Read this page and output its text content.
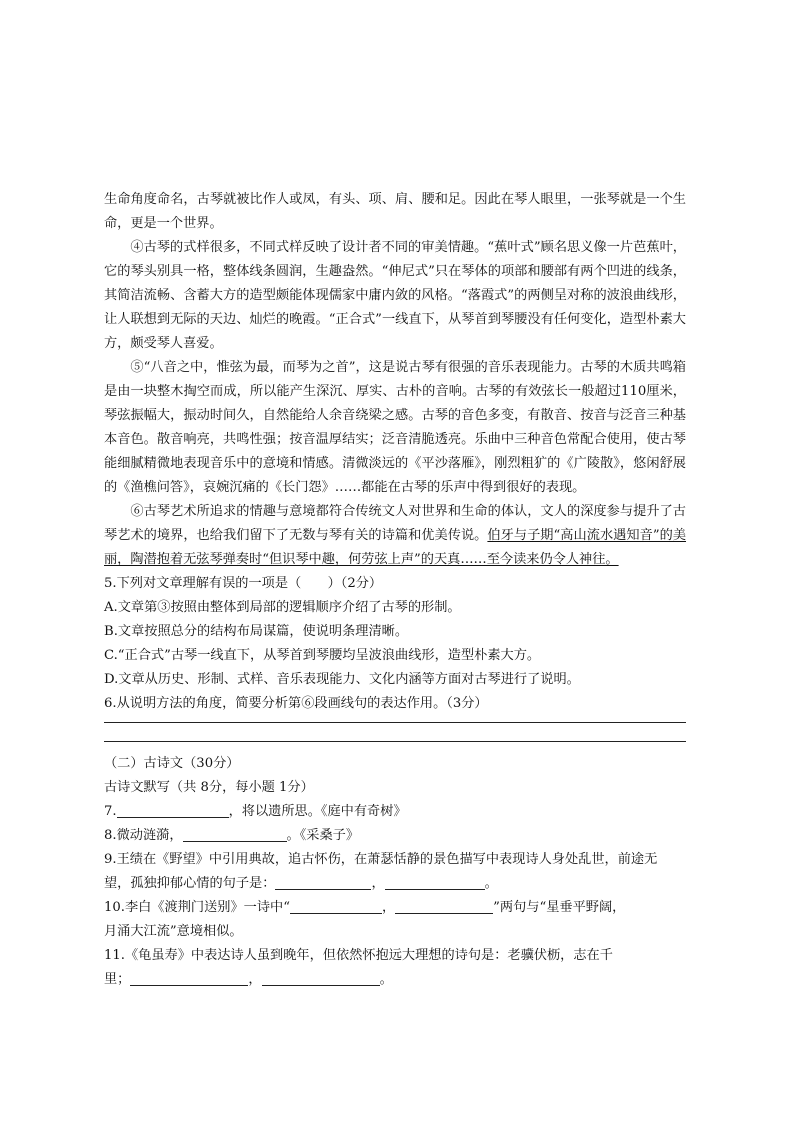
生命角度命名，古琴就被比作人或凤，有头、项、肩、腰和足。因此在琴人眼里，一张琴就是一个生命，更是一个世界。

④古琴的式样很多，不同式样反映了设计者不同的审美情趣。“蕉叶式”顾名思义像一片芭蕉叶，它的琴头别具一格，整体线条圆润，生趣盎然。“伸尼式”只在琴体的项部和腰部有两个凹进的线条，其简洁流畅、含蓄大方的造型颇能体现儒家中庸内敛的风格。“落霞式”的两侧呈对称的波浪曲线形，让人联想到无际的天边、灿烂的晚霞。“正合式”一线直下，从琴首到琴腰没有任何变化，造型朴素大方，颇受琴人喜爱。

⑤“八音之中，惟弦为最，而琴为之首”，这是说古琴有很强的音乐表现能力。古琴的木质共鸣箱是由一块整木掏空而成，所以能产生深沉、厚实、古朴的音响。古琴的有效弦长一般超过110厘米，琴弦振幅大，振动时间久，自然能给人余音绕梁之感。古琴的音色多变，有散音、按音与泛音三种基本音色。散音响亮，共鸣性强；按音温厚结实；泛音清脆透亮。乐曲中三种音色常配合使用，使古琴能细腻精微地表现音乐中的意境和情感。清微淡远的《平沙落雁》，刚烈粗犷的《广陵散》，悠闲舒展的《渔樵问答》，哀婉沉痛的《长门怨》……都能在古琴的乐声中得到很好的表现。

⑥古琴艺术所追求的情趣与意境都符合传统文人对世界和生命的体认，文人的深度参与提升了古琴艺术的境界，也给我们留下了无数与琴有关的诗篇和优美传说。伯牙与子期“高山流水遇知音”的美丽，陶潜抱着无弦琴弹奏时“但识琴中趣，何劳弦上声”的天真……至今读来仍令人神往。

5.下列对文章理解有误的一项是（　　）（2分）

A.文章第③按照由整体到局部的逻辑顺序介绍了古琴的形制。

B.文章按照总分的结构布局谋篇，使说明条理清晰。

C.“正合式”古琴一线直下，从琴首到琴腰均呈波浪曲线形，造型朴素大方。

D.文章从历史、形制、式样、音乐表现能力、文化内涵等方面对古琴进行了说明。

6.从说明方法的角度，简要分析第⑥段画线句的表达作用。（3分）

（二）古诗文（30分）

古诗文默写（共 8分，每小题 1分）

7.	，将以遗所思。《庭中有奇树》

8.微动涟漪，	。《采桑子》

9.王绩在《野望》中引用典故，追古怀伤，在萧瑟恬静的景色描写中表现诗人身处乱世，前途无

望，孤独抑郁心情的句子是：	，	。

10.李白《渡荆门送别》一诗中“	，	”两句与“星垂平野阔，

月涌大江流”意境相似。

11.《龟虽寿》中表达诗人虽到晚年，但依然怀抱远大理想的诗句是：老骥伏枥，志在千

里；	，	。
